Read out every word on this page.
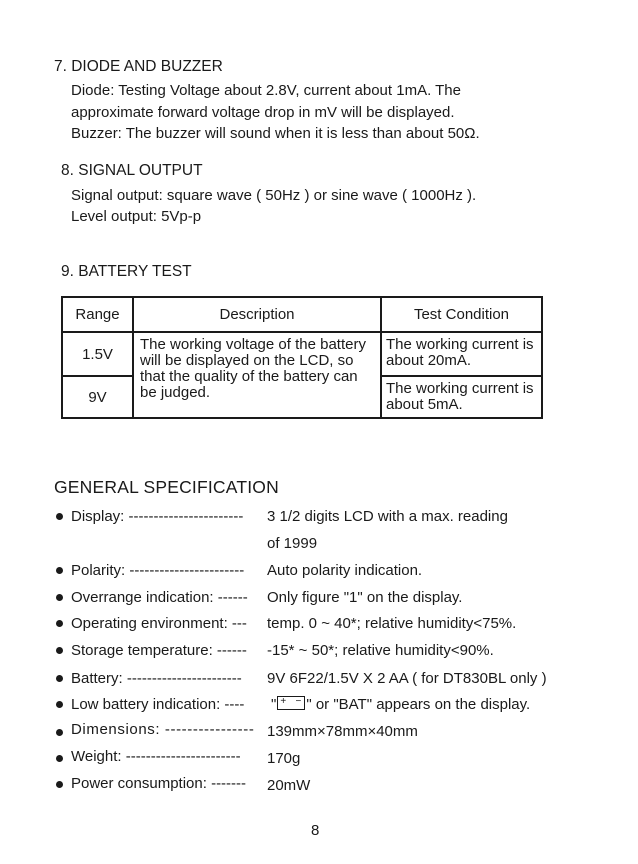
7. DIODE AND BUZZER
Diode: Testing Voltage about 2.8V, current about 1mA. The
approximate forward voltage drop in mV will be displayed.
Buzzer: The buzzer will sound when it is less than about 50Ω.
8. SIGNAL OUTPUT
Signal output: square wave ( 50Hz ) or sine wave ( 1000Hz ).
Level output: 5Vp-p
9. BATTERY TEST
Range	Description	Test Condition
1.5V	The working voltage of the battery will be displayed on the LCD, so that the quality of the battery can be judged.	The working current is about 20mA.
9V		The working current is about 5mA.
GENERAL SPECIFICATION
Display: ----------------------- 3 1/2 digits LCD with a max. reading
of 1999
Polarity: ----------------------- Auto polarity indication.
Overrange indication: ------ Only figure "1" on the display.
Operating environment: --- temp. 0 ~ 40*; relative humidity<75%.
Storage temperature: ------ -15* ~ 50*; relative humidity<90%.
Battery: ----------------------- 9V 6F22/1.5V X 2 AA ( for DT830BL only )
Low battery indication: ---- " + − " or "BAT" appears on the display.
Dimensions: ---------------- 139mm×78mm×40mm
Weight: ----------------------- 170g
Power consumption: ------- 20mW
8
